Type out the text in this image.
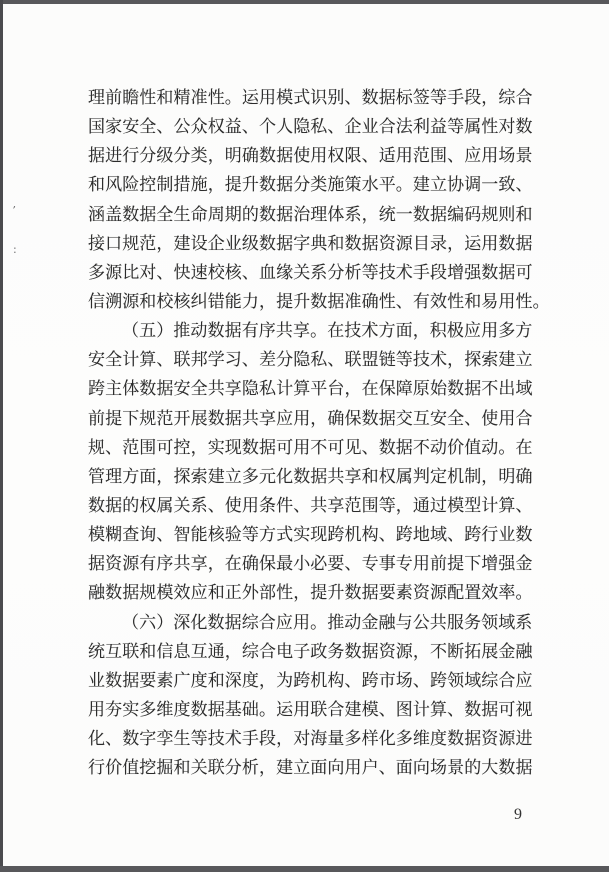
理前瞻性和精准性。运用模式识别、数据标签等手段，综合
国家安全、公众权益、个人隐私、企业合法利益等属性对数
据进行分级分类，明确数据使用权限、适用范围、应用场景
和风险控制措施，提升数据分类施策水平。建立协调一致、
涵盖数据全生命周期的数据治理体系，统一数据编码规则和
接口规范，建设企业级数据字典和数据资源目录，运用数据
多源比对、快速校核、血缘关系分析等技术手段增强数据可
信溯源和校核纠错能力，提升数据准确性、有效性和易用性。
（五）推动数据有序共享。在技术方面，积极应用多方
安全计算、联邦学习、差分隐私、联盟链等技术，探索建立
跨主体数据安全共享隐私计算平台，在保障原始数据不出域
前提下规范开展数据共享应用，确保数据交互安全、使用合
规、范围可控，实现数据可用不可见、数据不动价值动。在
管理方面，探索建立多元化数据共享和权属判定机制，明确
数据的权属关系、使用条件、共享范围等，通过模型计算、
模糊查询、智能核验等方式实现跨机构、跨地域、跨行业数
据资源有序共享，在确保最小必要、专事专用前提下增强金
融数据规模效应和正外部性，提升数据要素资源配置效率。
（六）深化数据综合应用。推动金融与公共服务领域系
统互联和信息互通，综合电子政务数据资源，不断拓展金融
业数据要素广度和深度，为跨机构、跨市场、跨领域综合应
用夯实多维度数据基础。运用联合建模、图计算、数据可视
化、数字孪生等技术手段，对海量多样化多维度数据资源进
行价值挖掘和关联分析，建立面向用户、面向场景的大数据
9
’
:
